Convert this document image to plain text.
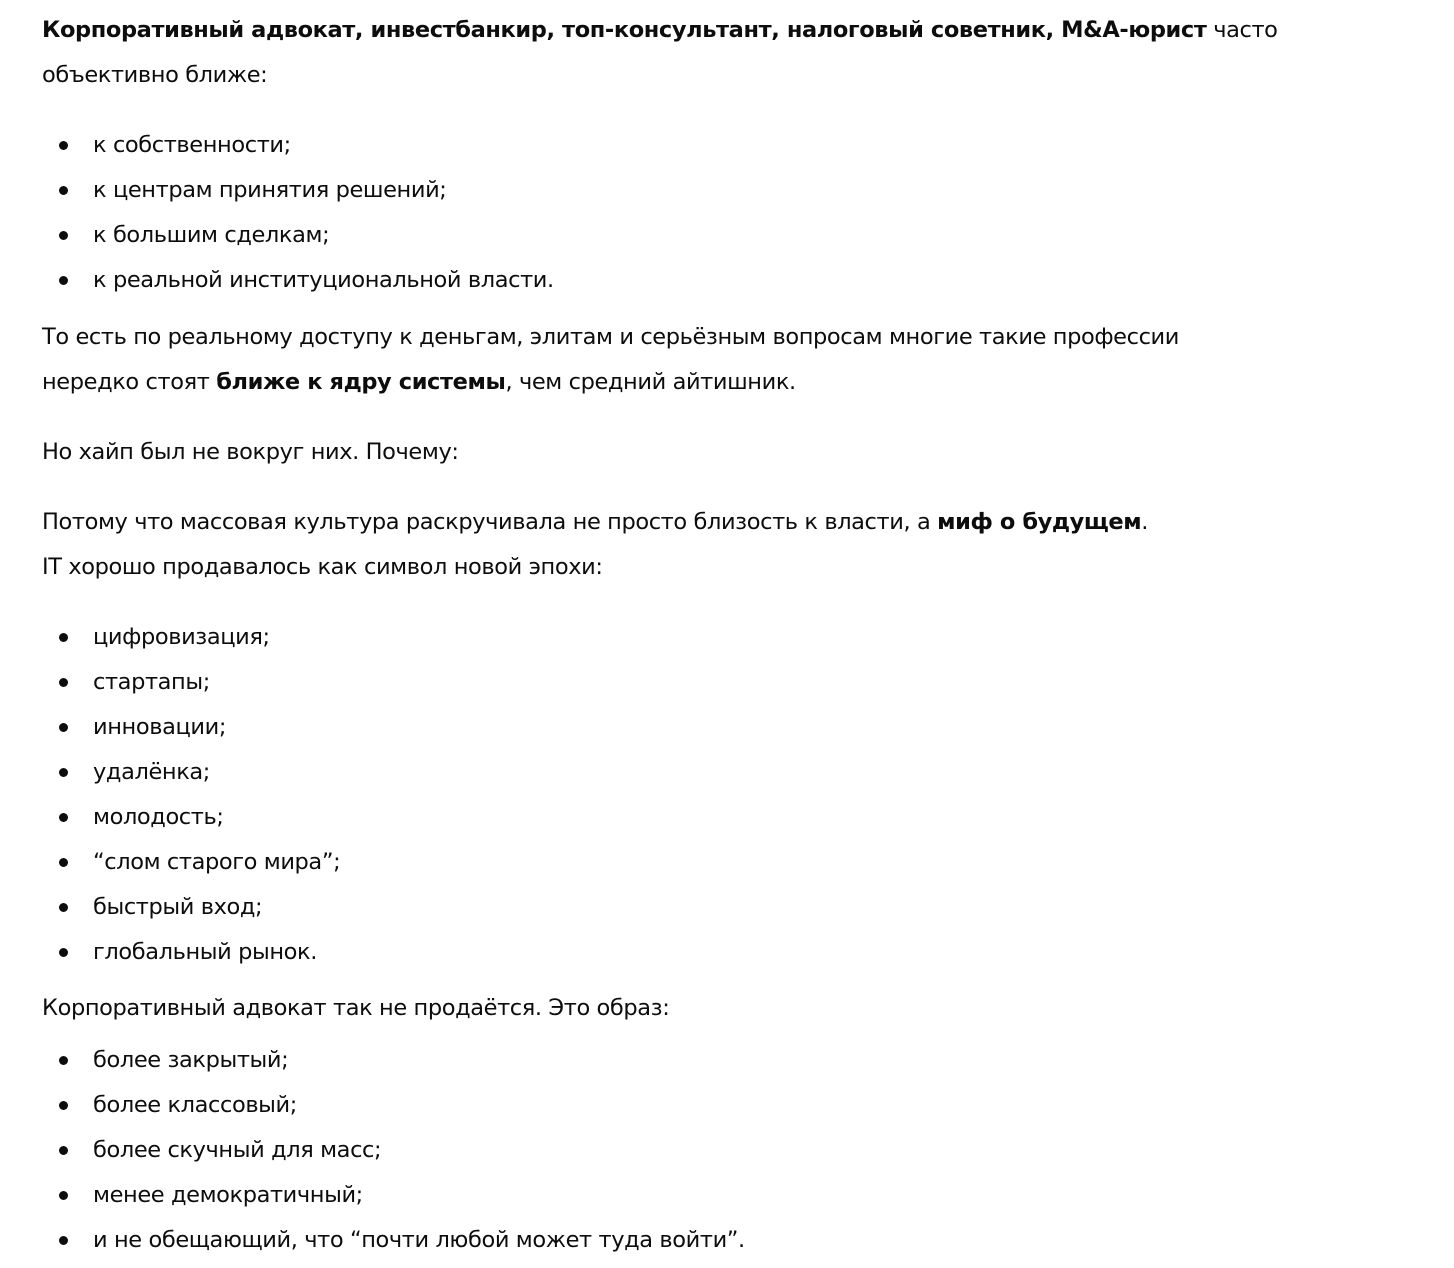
Корпоративный адвокат, инвестбанкир, топ-консультант, налоговый советник, M&A-юрист часто
объективно ближе:

к собственности;
к центрам принятия решений;
к большим сделкам;
к реальной институциональной власти.

То есть по реальному доступу к деньгам, элитам и серьёзным вопросам многие такие профессии
нередко стоят ближе к ядру системы, чем средний айтишник.

Но хайп был не вокруг них. Почему:

Потому что массовая культура раскручивала не просто близость к власти, а миф о будущем.
IT хорошо продавалось как символ новой эпохи:

цифровизация;
стартапы;
инновации;
удалёнка;
молодость;
“слом старого мира”;
быстрый вход;
глобальный рынок.

Корпоративный адвокат так не продаётся. Это образ:

более закрытый;
более классовый;
более скучный для масс;
менее демократичный;
и не обещающий, что “почти любой может туда войти”.
